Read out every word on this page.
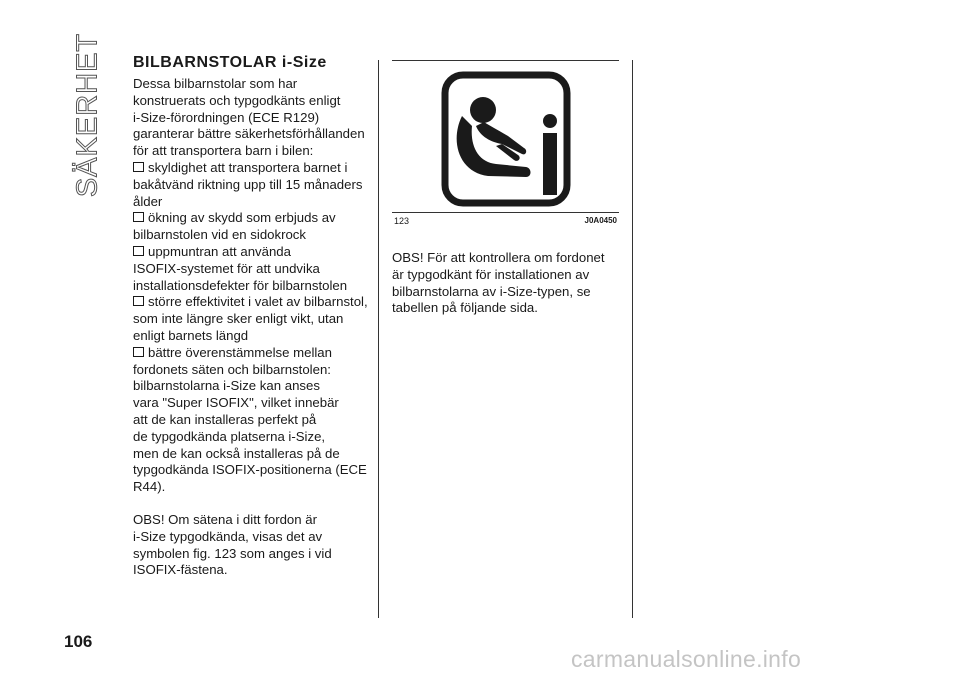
SÄKERHET BILBARNSTOLAR i-Size

Dessa bilbarnstolar som har
konstruerats och typgodkänts enligt
i-Size-förordningen (ECE R129)
garanterar bättre säkerhetsförhållanden
för att transportera barn i bilen:

skyldighet att transportera barnet i
bakåtvänd riktning upp till 15 månaders
ålder
ökning av skydd som erbjuds av
bilbarnstolen vid en sidokrock
uppmuntran att använda
ISOFIX-systemet för att undvika
installationsdefekter för bilbarnstolen
större effektivitet i valet av bilbarnstol,
som inte längre sker enligt vikt, utan
enligt barnets längd
bättre överenstämmelse mellan
fordonets säten och bilbarnstolen:
bilbarnstolarna i-Size kan anses
vara "Super ISOFIX", vilket innebär
att de kan installeras perfekt på
de typgodkända platserna i-Size,
men de kan också installeras på de
typgodkända ISOFIX-positionerna (ECE
R44).

OBS! Om sätena i ditt fordon är
i-Size typgodkända, visas det av
symbolen fig. 123 som anges i vid
ISOFIX-fästena.

123	J0A0450

OBS! För att kontrollera om fordonet
är typgodkänt för installationen av
bilbarnstolarna av i-Size-typen, se
tabellen på följande sida.

106
carmanualsonline.info
